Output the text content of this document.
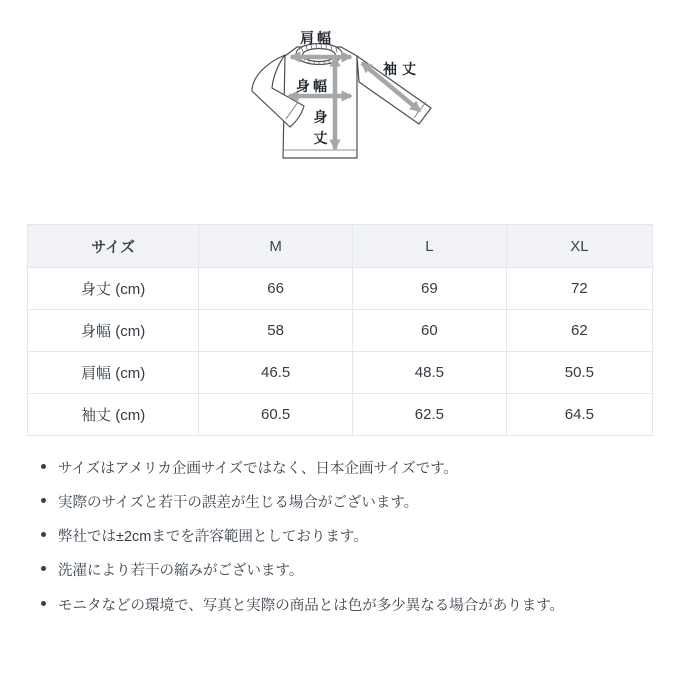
肩幅
袖丈
身幅
身
丈
サイズ	M	L	XL
身丈 (cm)	66	69	72
身幅 (cm)	58	60	62
肩幅 (cm)	46.5	48.5	50.5
袖丈 (cm)	60.5	62.5	64.5
サイズはアメリカ企画サイズではなく、日本企画サイズです。
実際のサイズと若干の誤差が生じる場合がございます。
弊社では±2cmまでを許容範囲としております。
洗濯により若干の縮みがございます。
モニタなどの環境で、写真と実際の商品とは色が多少異なる場合があります。
